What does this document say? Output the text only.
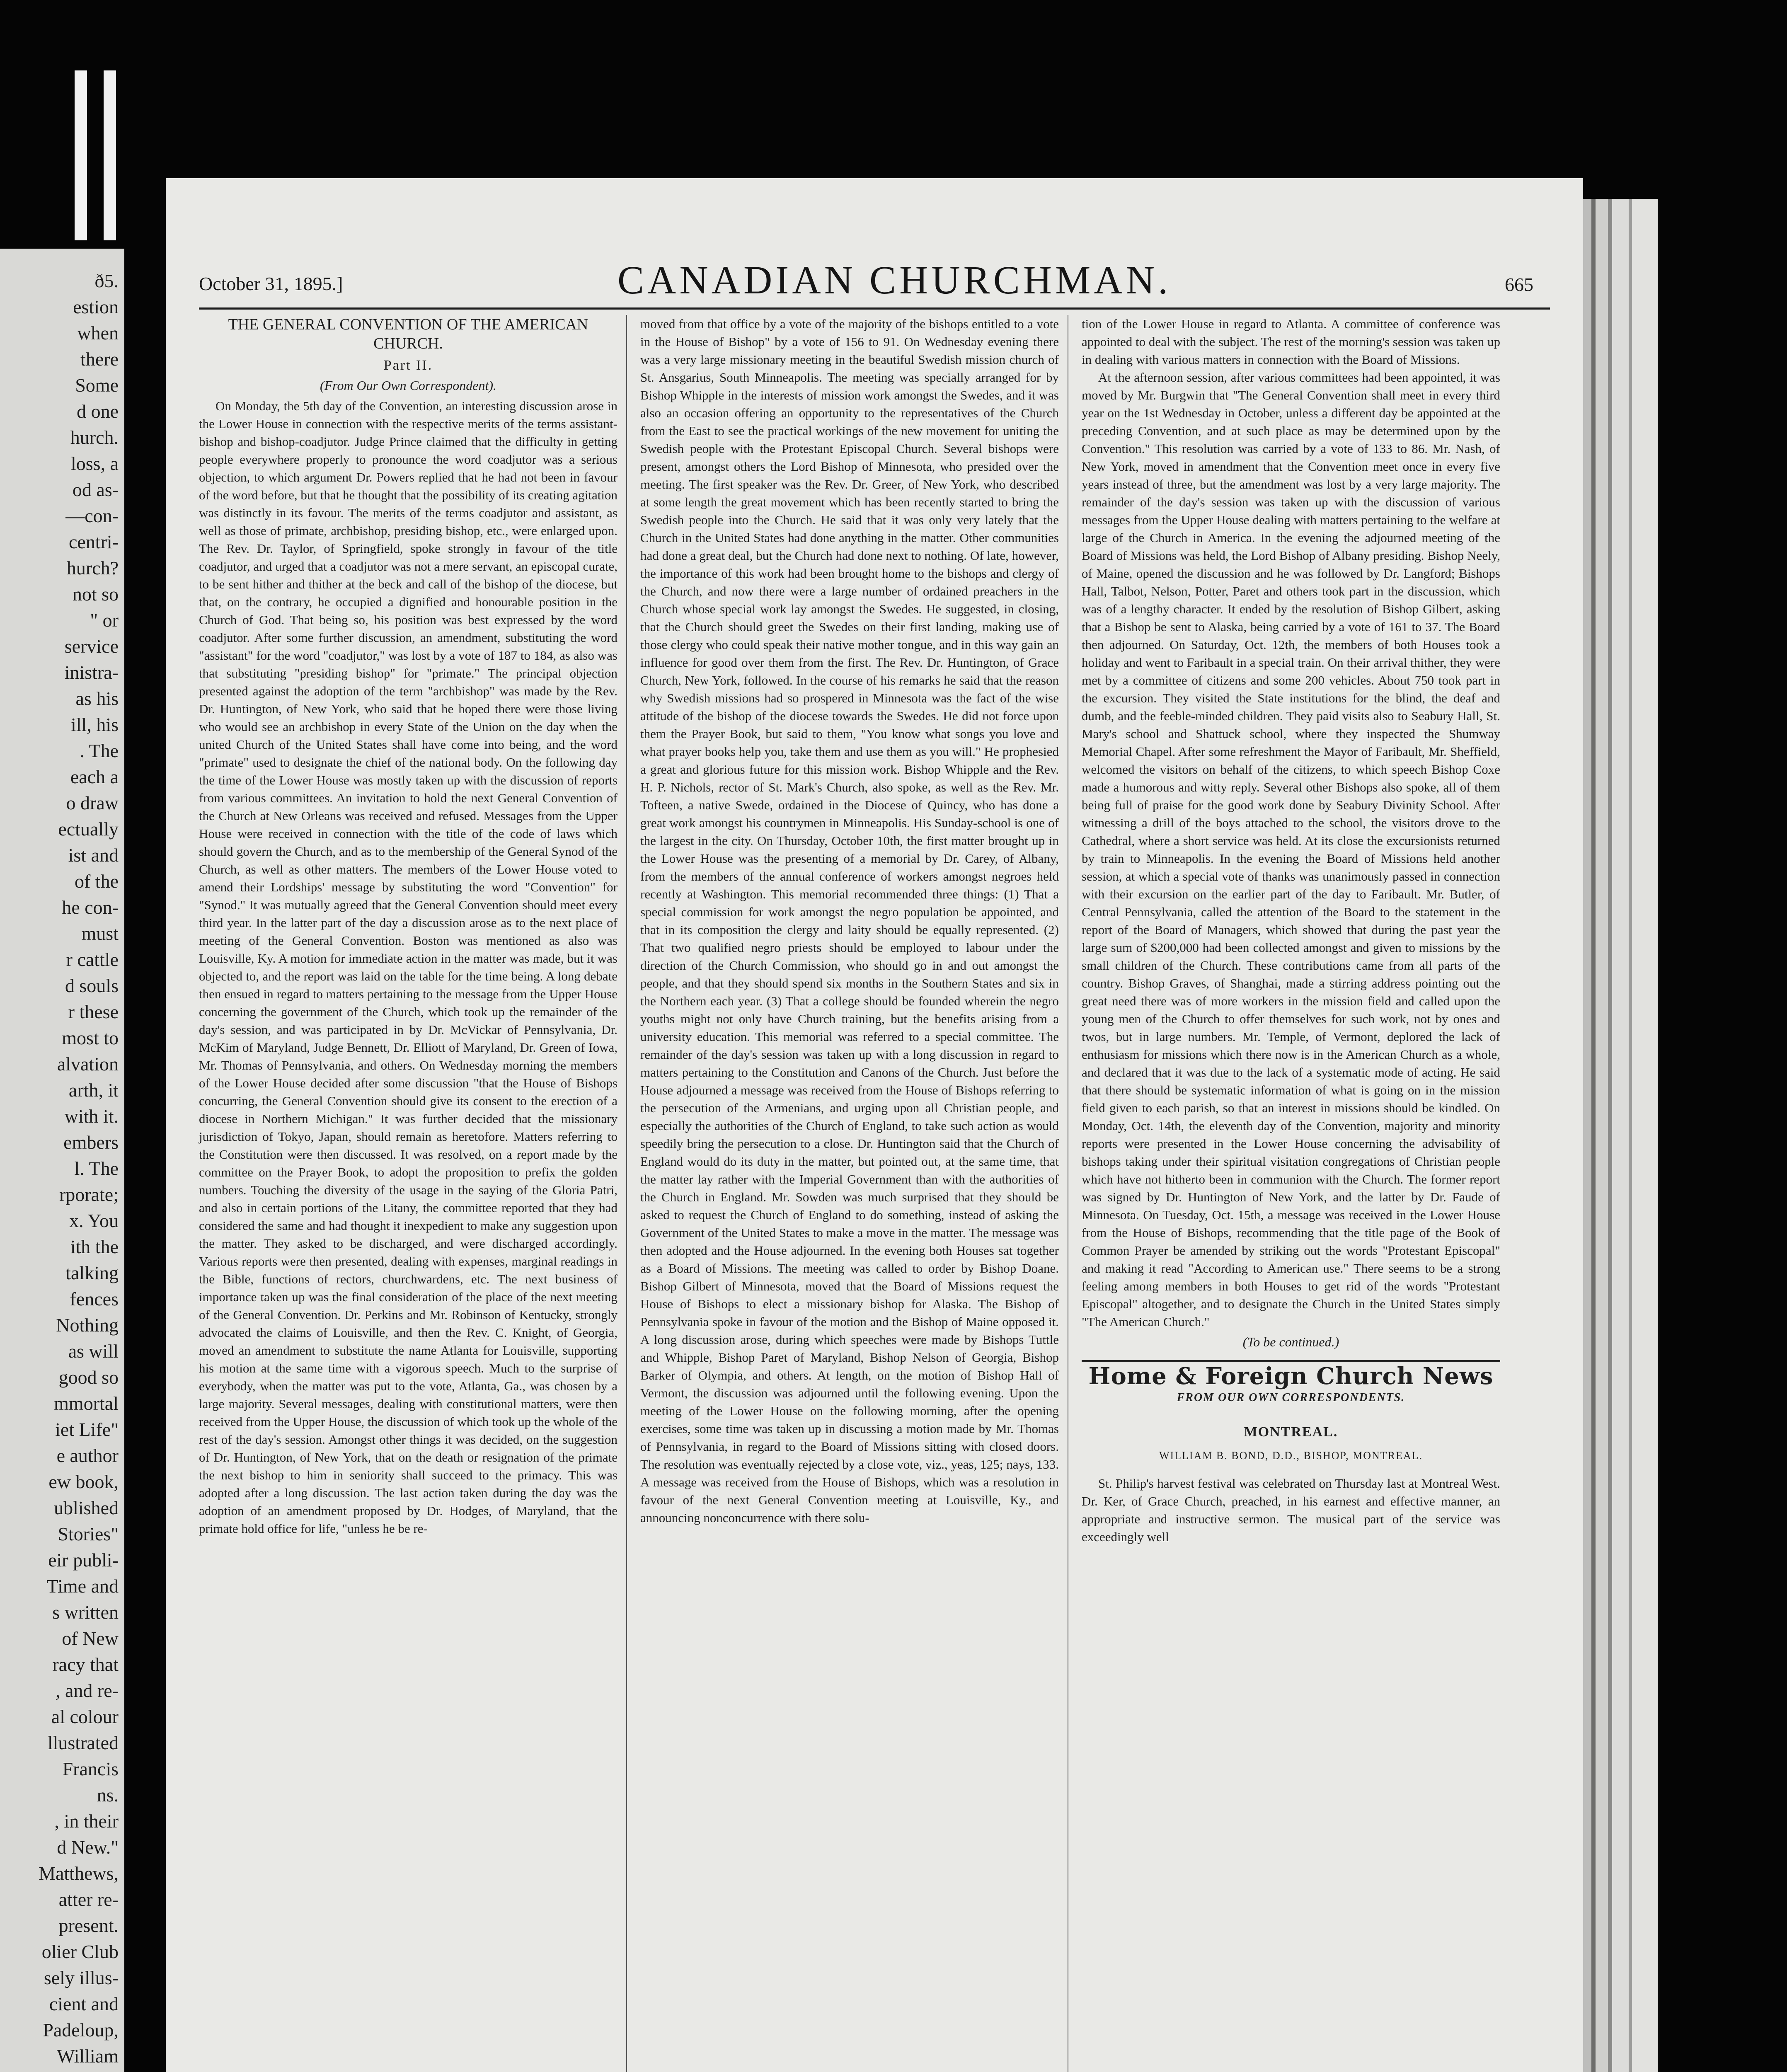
ð5.
estion
when
there
Some
d one
hurch.
loss, a
od as-
—con-
centri-
hurch?
not so
" or
service
inistra-
as his
ill, his
. The
each a
o draw
ectually
ist and
of the
he con-
must
r cattle
d souls
r these
most to
alvation
arth, it
with it.
embers
l. The
rporate;
x. You
ith the
talking
fences
Nothing
as will
good so
mmortal
iet Life"
e author
ew book,
ublished
Stories"
eir publi-
Time and
s written
of New
racy that
, and re-
al colour
llustrated
Francis
ns.
, in their
d New."
Matthews,
atter re-
present.
olier Club
sely illus-
cient and
Padeloup,
William
October 31, 1895.]	CANADIAN CHURCHMAN.	665
THE GENERAL CONVENTION OF THE AMERICAN CHURCH.
Part II.
(From Our Own Correspondent).

On Monday, the 5th day of the Convention, an interesting discussion arose in the Lower House in connection with the respective merits of the terms assistant-bishop and bishop-coadjutor. Judge Prince claimed that the difficulty in getting people everywhere properly to pronounce the word coadjutor was a serious objection, to which argument Dr. Powers replied that he had not been in favour of the word before, but that he thought that the possibility of its creating agitation was distinctly in its favour. The merits of the terms coadjutor and assistant, as well as those of primate, archbishop, presiding bishop, etc., were enlarged upon. The Rev. Dr. Taylor, of Springfield, spoke strongly in favour of the title coadjutor, and urged that a coadjutor was not a mere servant, an episcopal curate, to be sent hither and thither at the beck and call of the bishop of the diocese, but that, on the contrary, he occupied a dignified and honourable position in the Church of God. That being so, his position was best expressed by the word coadjutor. After some further discussion, an amendment, substituting the word "assistant" for the word "coadjutor," was lost by a vote of 187 to 184, as also was that substituting "presiding bishop" for "primate." The principal objection presented against the adoption of the term "archbishop" was made by the Rev. Dr. Huntington, of New York, who said that he hoped there were those living who would see an archbishop in every State of the Union on the day when the united Church of the United States shall have come into being, and the word "primate" used to designate the chief of the national body. On the following day the time of the Lower House was mostly taken up with the discussion of reports from various committees. An invitation to hold the next General Convention of the Church at New Orleans was received and refused. Messages from the Upper House were received in connection with the title of the code of laws which should govern the Church, and as to the membership of the General Synod of the Church, as well as other matters. The members of the Lower House voted to amend their Lordships' message by substituting the word "Convention" for "Synod." It was mutually agreed that the General Convention should meet every third year. In the latter part of the day a discussion arose as to the next place of meeting of the General Convention. Boston was mentioned as also was Louisville, Ky. A motion for immediate action in the matter was made, but it was objected to, and the report was laid on the table for the time being. A long debate then ensued in regard to matters pertaining to the message from the Upper House concerning the government of the Church, which took up the remainder of the day's session, and was participated in by Dr. McVickar of Pennsylvania, Dr. McKim of Maryland, Judge Bennett, Dr. Elliott of Maryland, Dr. Green of Iowa, Mr. Thomas of Pennsylvania, and others. On Wednesday morning the members of the Lower House decided after some discussion "that the House of Bishops concurring, the General Convention should give its consent to the erection of a diocese in Northern Michigan." It was further decided that the missionary jurisdiction of Tokyo, Japan, should remain as heretofore. Matters referring to the Constitution were then discussed. It was resolved, on a report made by the committee on the Prayer Book, to adopt the proposition to prefix the golden numbers. Touching the diversity of the usage in the saying of the Gloria Patri, and also in certain portions of the Litany, the committee reported that they had considered the same and had thought it inexpedient to make any suggestion upon the matter. They asked to be discharged, and were discharged accordingly. Various reports were then presented, dealing with expenses, marginal readings in the Bible, functions of rectors, churchwardens, etc. The next business of importance taken up was the final consideration of the place of the next meeting of the General Convention. Dr. Perkins and Mr. Robinson of Kentucky, strongly advocated the claims of Louisville, and then the Rev. C. Knight, of Georgia, moved an amendment to substitute the name Atlanta for Louisville, supporting his motion at the same time with a vigorous speech. Much to the surprise of everybody, when the matter was put to the vote, Atlanta, Ga., was chosen by a large majority. Several messages, dealing with constitutional matters, were then received from the Upper House, the discussion of which took up the whole of the rest of the day's session. Amongst other things it was decided, on the suggestion of Dr. Huntington, of New York, that on the death or resignation of the primate the next bishop to him in seniority shall succeed to the primacy. This was adopted after a long discussion. The last action taken during the day was the adoption of an amendment proposed by Dr. Hodges, of Maryland, that the primate hold office for life, "unless he be re-

moved from that office by a vote of the majority of the bishops entitled to a vote in the House of Bishop" by a vote of 156 to 91. On Wednesday evening there was a very large missionary meeting in the beautiful Swedish mission church of St. Ansgarius, South Minneapolis. The meeting was specially arranged for by Bishop Whipple in the interests of mission work amongst the Swedes, and it was also an occasion offering an opportunity to the representatives of the Church from the East to see the practical workings of the new movement for uniting the Swedish people with the Protestant Episcopal Church. Several bishops were present, amongst others the Lord Bishop of Minnesota, who presided over the meeting. The first speaker was the Rev. Dr. Greer, of New York, who described at some length the great movement which has been recently started to bring the Swedish people into the Church. He said that it was only very lately that the Church in the United States had done anything in the matter. Other communities had done a great deal, but the Church had done next to nothing. Of late, however, the importance of this work had been brought home to the bishops and clergy of the Church, and now there were a large number of ordained preachers in the Church whose special work lay amongst the Swedes. He suggested, in closing, that the Church should greet the Swedes on their first landing, making use of those clergy who could speak their native mother tongue, and in this way gain an influence for good over them from the first. The Rev. Dr. Huntington, of Grace Church, New York, followed. In the course of his remarks he said that the reason why Swedish missions had so prospered in Minnesota was the fact of the wise attitude of the bishop of the diocese towards the Swedes. He did not force upon them the Prayer Book, but said to them, "You know what songs you love and what prayer books help you, take them and use them as you will." He prophesied a great and glorious future for this mission work. Bishop Whipple and the Rev. H. P. Nichols, rector of St. Mark's Church, also spoke, as well as the Rev. Mr. Tofteen, a native Swede, ordained in the Diocese of Quincy, who has done a great work amongst his countrymen in Minneapolis. His Sunday-school is one of the largest in the city. On Thursday, October 10th, the first matter brought up in the Lower House was the presenting of a memorial by Dr. Carey, of Albany, from the members of the annual conference of workers amongst negroes held recently at Washington. This memorial recommended three things: (1) That a special commission for work amongst the negro population be appointed, and that in its composition the clergy and laity should be equally represented. (2) That two qualified negro priests should be employed to labour under the direction of the Church Commission, who should go in and out amongst the people, and that they should spend six months in the Southern States and six in the Northern each year. (3) That a college should be founded wherein the negro youths might not only have Church training, but the benefits arising from a university education. This memorial was referred to a special committee. The remainder of the day's session was taken up with a long discussion in regard to matters pertaining to the Constitution and Canons of the Church. Just before the House adjourned a message was received from the House of Bishops referring to the persecution of the Armenians, and urging upon all Christian people, and especially the authorities of the Church of England, to take such action as would speedily bring the persecution to a close. Dr. Huntington said that the Church of England would do its duty in the matter, but pointed out, at the same time, that the matter lay rather with the Imperial Government than with the authorities of the Church in England. Mr. Sowden was much surprised that they should be asked to request the Church of England to do something, instead of asking the Government of the United States to make a move in the matter. The message was then adopted and the House adjourned. In the evening both Houses sat together as a Board of Missions. The meeting was called to order by Bishop Doane. Bishop Gilbert of Minnesota, moved that the Board of Missions request the House of Bishops to elect a missionary bishop for Alaska. The Bishop of Pennsylvania spoke in favour of the motion and the Bishop of Maine opposed it. A long discussion arose, during which speeches were made by Bishops Tuttle and Whipple, Bishop Paret of Maryland, Bishop Nelson of Georgia, Bishop Barker of Olympia, and others. At length, on the motion of Bishop Hall of Vermont, the discussion was adjourned until the following evening. Upon the meeting of the Lower House on the following morning, after the opening exercises, some time was taken up in discussing a motion made by Mr. Thomas of Pennsylvania, in regard to the Board of Missions sitting with closed doors. The resolution was eventually rejected by a close vote, viz., yeas, 125; nays, 133. A message was received from the House of Bishops, which was a resolution in favour of the next General Convention meeting at Louisville, Ky., and announcing nonconcurrence with there solu-

tion of the Lower House in regard to Atlanta. A committee of conference was appointed to deal with the subject. The rest of the morning's session was taken up in dealing with various matters in connection with the Board of Missions.

At the afternoon session, after various committees had been appointed, it was moved by Mr. Burgwin that "The General Convention shall meet in every third year on the 1st Wednesday in October, unless a different day be appointed at the preceding Convention, and at such place as may be determined upon by the Convention." This resolution was carried by a vote of 133 to 86. Mr. Nash, of New York, moved in amendment that the Convention meet once in every five years instead of three, but the amendment was lost by a very large majority. The remainder of the day's session was taken up with the discussion of various messages from the Upper House dealing with matters pertaining to the welfare at large of the Church in America. In the evening the adjourned meeting of the Board of Missions was held, the Lord Bishop of Albany presiding. Bishop Neely, of Maine, opened the discussion and he was followed by Dr. Langford; Bishops Hall, Talbot, Nelson, Potter, Paret and others took part in the discussion, which was of a lengthy character. It ended by the resolution of Bishop Gilbert, asking that a Bishop be sent to Alaska, being carried by a vote of 161 to 37. The Board then adjourned. On Saturday, Oct. 12th, the members of both Houses took a holiday and went to Faribault in a special train. On their arrival thither, they were met by a committee of citizens and some 200 vehicles. About 750 took part in the excursion. They visited the State institutions for the blind, the deaf and dumb, and the feeble-minded children. They paid visits also to Seabury Hall, St. Mary's school and Shattuck school, where they inspected the Shumway Memorial Chapel. After some refreshment the Mayor of Faribault, Mr. Sheffield, welcomed the visitors on behalf of the citizens, to which speech Bishop Coxe made a humorous and witty reply. Several other Bishops also spoke, all of them being full of praise for the good work done by Seabury Divinity School. After witnessing a drill of the boys attached to the school, the visitors drove to the Cathedral, where a short service was held. At its close the excursionists returned by train to Minneapolis. In the evening the Board of Missions held another session, at which a special vote of thanks was unanimously passed in connection with their excursion on the earlier part of the day to Faribault. Mr. Butler, of Central Pennsylvania, called the attention of the Board to the statement in the report of the Board of Managers, which showed that during the past year the large sum of $200,000 had been collected amongst and given to missions by the small children of the Church. These contributions came from all parts of the country. Bishop Graves, of Shanghai, made a stirring address pointing out the great need there was of more workers in the mission field and called upon the young men of the Church to offer themselves for such work, not by ones and twos, but in large numbers. Mr. Temple, of Vermont, deplored the lack of enthusiasm for missions which there now is in the American Church as a whole, and declared that it was due to the lack of a systematic mode of acting. He said that there should be systematic information of what is going on in the mission field given to each parish, so that an interest in missions should be kindled. On Monday, Oct. 14th, the eleventh day of the Convention, majority and minority reports were presented in the Lower House concerning the advisability of bishops taking under their spiritual visitation congregations of Christian people which have not hitherto been in communion with the Church. The former report was signed by Dr. Huntington of New York, and the latter by Dr. Faude of Minnesota. On Tuesday, Oct. 15th, a message was received in the Lower House from the House of Bishops, recommending that the title page of the Book of Common Prayer be amended by striking out the words "Protestant Episcopal" and making it read "According to American use." There seems to be a strong feeling among members in both Houses to get rid of the words "Protestant Episcopal" altogether, and to designate the Church in the United States simply "The American Church."

(To be continued.)
Home & Foreign Church News
FROM OUR OWN CORRESPONDENTS.
MONTREAL.
WILLIAM B. BOND, D.D., BISHOP, MONTREAL.

St. Philip's harvest festival was celebrated on Thursday last at Montreal West. Dr. Ker, of Grace Church, preached, in his earnest and effective manner, an appropriate and instructive sermon. The musical part of the service was exceedingly well
